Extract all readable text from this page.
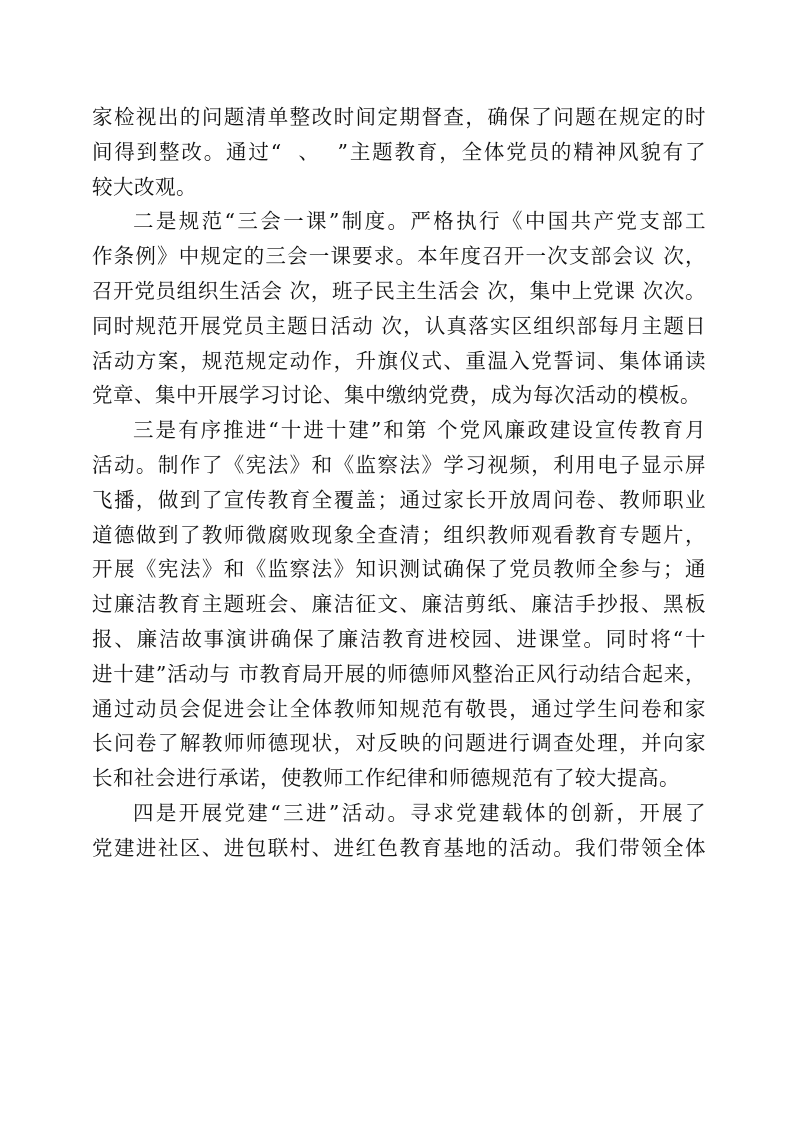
家检视出的问题清单整改时间定期督查，确保了问题在规定的时
间得到整改。通过“  、  ”主题教育，全体党员的精神风貌有了
较大改观。
二是规范“三会一课”制度。严格执行《中国共产党支部工
作条例》中规定的三会一课要求。本年度召开一次支部会议 次，
召开党员组织生活会 次，班子民主生活会 次，集中上党课 次次。
同时规范开展党员主题日活动 次，认真落实区组织部每月主题日
活动方案，规范规定动作，升旗仪式、重温入党誓词、集体诵读
党章、集中开展学习讨论、集中缴纳党费，成为每次活动的模板。
三是有序推进“十进十建”和第 个党风廉政建设宣传教育月
活动。制作了《宪法》和《监察法》学习视频，利用电子显示屏
飞播，做到了宣传教育全覆盖；通过家长开放周问卷、教师职业
道德做到了教师微腐败现象全查清；组织教师观看教育专题片，
开展《宪法》和《监察法》知识测试确保了党员教师全参与；通
过廉洁教育主题班会、廉洁征文、廉洁剪纸、廉洁手抄报、黑板
报、廉洁故事演讲确保了廉洁教育进校园、进课堂。同时将“十
进十建”活动与 市教育局开展的师德师风整治正风行动结合起来，
通过动员会促进会让全体教师知规范有敬畏，通过学生问卷和家
长问卷了解教师师德现状，对反映的问题进行调查处理，并向家
长和社会进行承诺，使教师工作纪律和师德规范有了较大提高。
四是开展党建“三进”活动。寻求党建载体的创新，开展了
党建进社区、进包联村、进红色教育基地的活动。我们带领全体
